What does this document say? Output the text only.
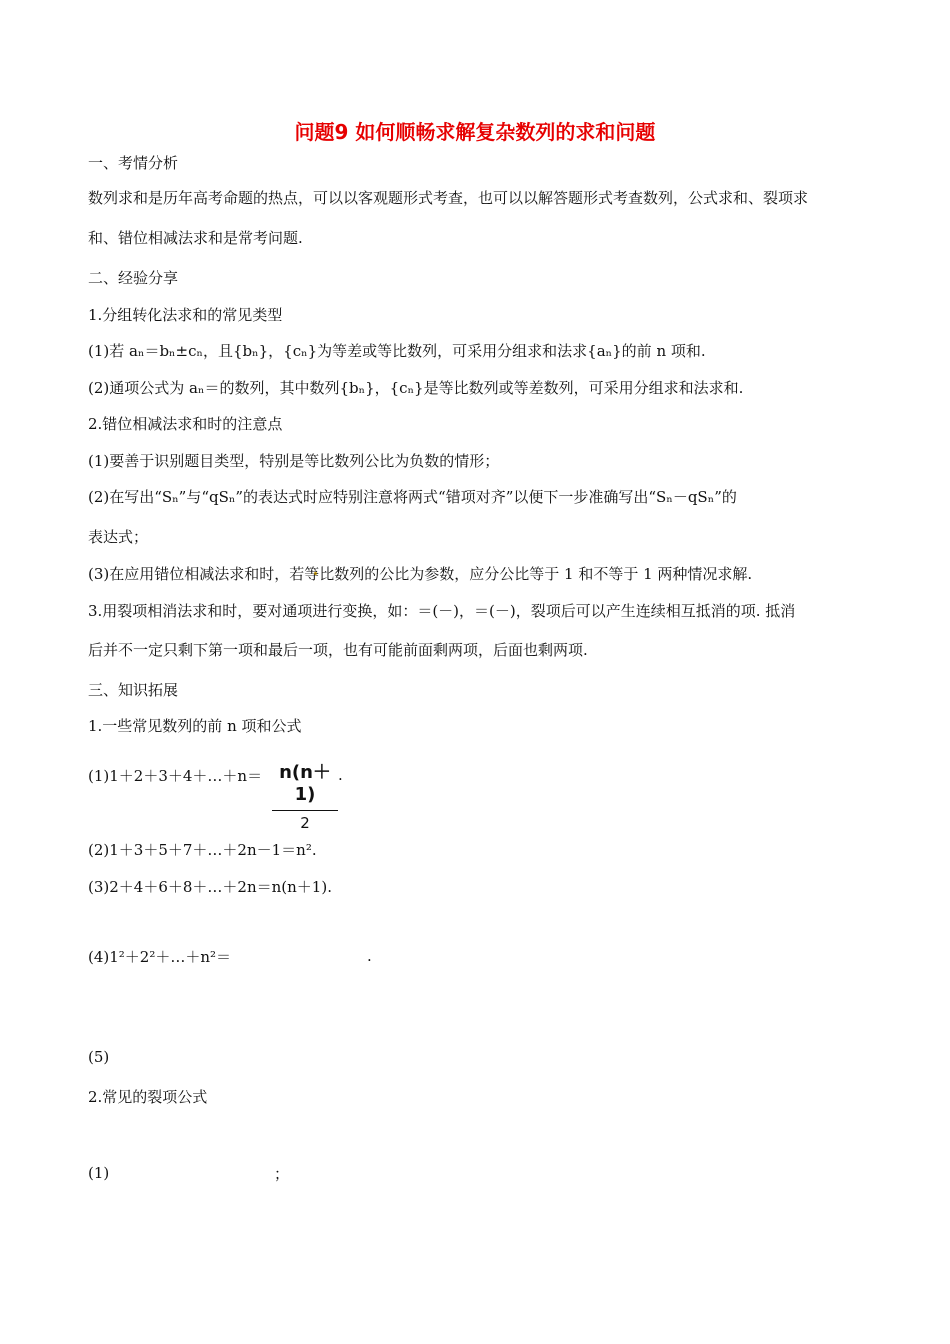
问题9 如何顺畅求解复杂数列的求和问题
一、考情分析
数列求和是历年高考命题的热点，可以以客观题形式考查，也可以以解答题形式考查数列，公式求和、裂项求
和、错位相减法求和是常考问题.
二、经验分享
1.分组转化法求和的常见类型
(1)若 aₙ＝bₙ±cₙ，且{bₙ}，{cₙ}为等差或等比数列，可采用分组求和法求{aₙ}的前 n 项和.
(2)通项公式为 aₙ＝的数列，其中数列{bₙ}，{cₙ}是等比数列或等差数列，可采用分组求和法求和.
2.错位相减法求和时的注意点
(1)要善于识别题目类型，特别是等比数列公比为负数的情形；
(2)在写出“Sₙ”与“qSₙ”的表达式时应特别注意将两式“错项对齐”以便下一步准确写出“Sₙ－qSₙ”的
表达式；
(3)在应用错位相减法求和时，若等比数列的公比为参数，应分公比等于 1 和不等于 1 两种情况求解.
3.用裂项相消法求和时，要对通项进行变换，如：＝(－)，＝(－)，裂项后可以产生连续相互抵消的项. 抵消
后并不一定只剩下第一项和最后一项，也有可能前面剩两项，后面也剩两项.
三、知识拓展
1.一些常见数列的前 n 项和公式
(1)1＋2＋3＋4＋…＋n＝ n(n＋1)
2
.
(2)1＋3＋5＋7＋…＋2n－1＝n².
(3)2＋4＋6＋8＋…＋2n＝n(n＋1).
(4)1²＋2²＋…＋n²＝	.
(5)
2.常见的裂项公式
(1)	；
